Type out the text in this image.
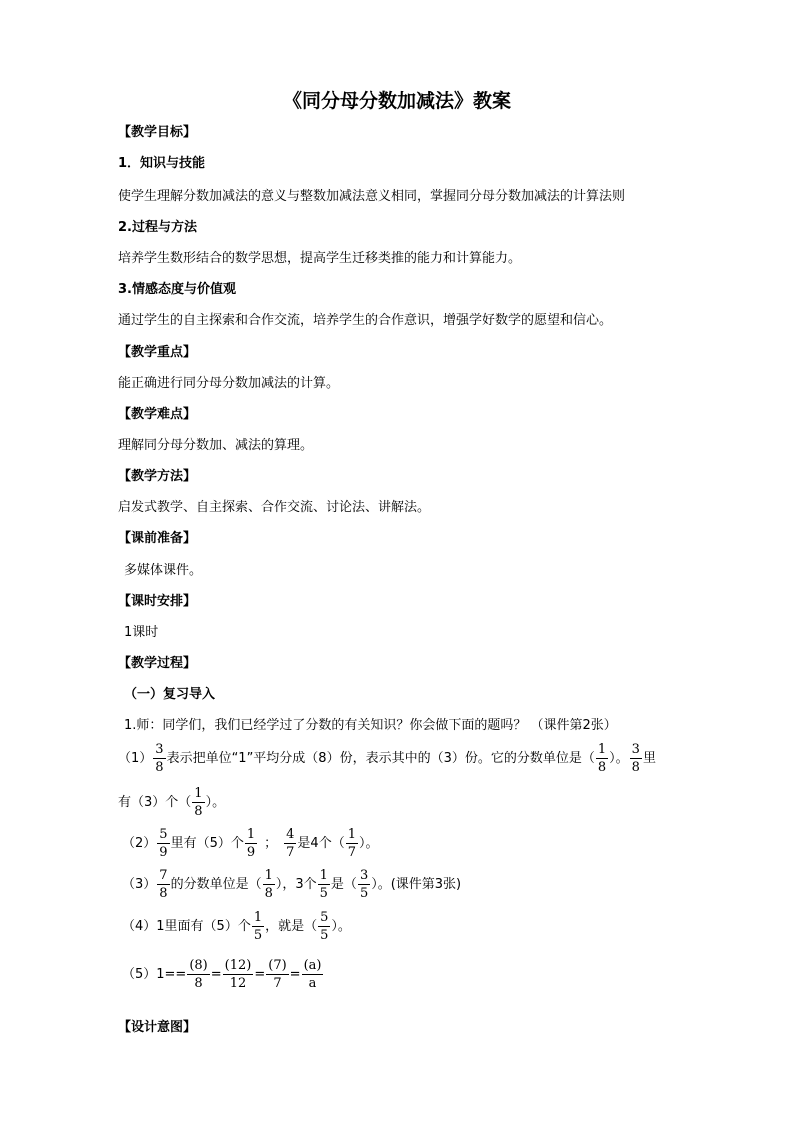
《同分母分数加减法》教案
【教学目标】
1．知识与技能
使学生理解分数加减法的意义与整数加减法意义相同，掌握同分母分数加减法的计算法则
2.过程与方法
培养学生数形结合的数学思想，提高学生迁移类推的能力和计算能力。
3.情感态度与价值观
通过学生的自主探索和合作交流，培养学生的合作意识，增强学好数学的愿望和信心。
【教学重点】
能正确进行同分母分数加减法的计算。
【教学难点】
理解同分母分数加、减法的算理。
【教学方法】
启发式教学、自主探索、合作交流、讨论法、讲解法。
【课前准备】
多媒体课件。
【课时安排】
1课时
【教学过程】
（一）复习导入
1.师：同学们，我们已经学过了分数的有关知识？你会做下面的题吗？ （课件第2张）
$(1) \frac{3}{8}$ 表示把单位“1”平均分成（8）份，表示其中的（3）份。它的分数单位是（ $\frac{1}{8}$ ）。 $\frac{3}{8}$ 里
有（3）个（ $\frac{1}{8}$ ）。
$(2) \frac{5}{9}$ 里有（5）个 $\frac{1}{9}$ ； $\frac{4}{7}$ 是4个（ $\frac{1}{7}$ ）。
$(3) \frac{7}{8}$ 的分数单位是（ $\frac{1}{8}$ ），3个 $\frac{1}{5}$ 是（ $\frac{3}{5}$ ）。(课件第3张)
（4）1里面有（5）个 $\frac{1}{5}$ ，就是（ $\frac{5}{5}$ ）。
$(5)1== \frac{(8)}{8} = \frac{(12)}{12} = \frac{(7)}{7} = \frac{(a)}{a}$
【设计意图】
